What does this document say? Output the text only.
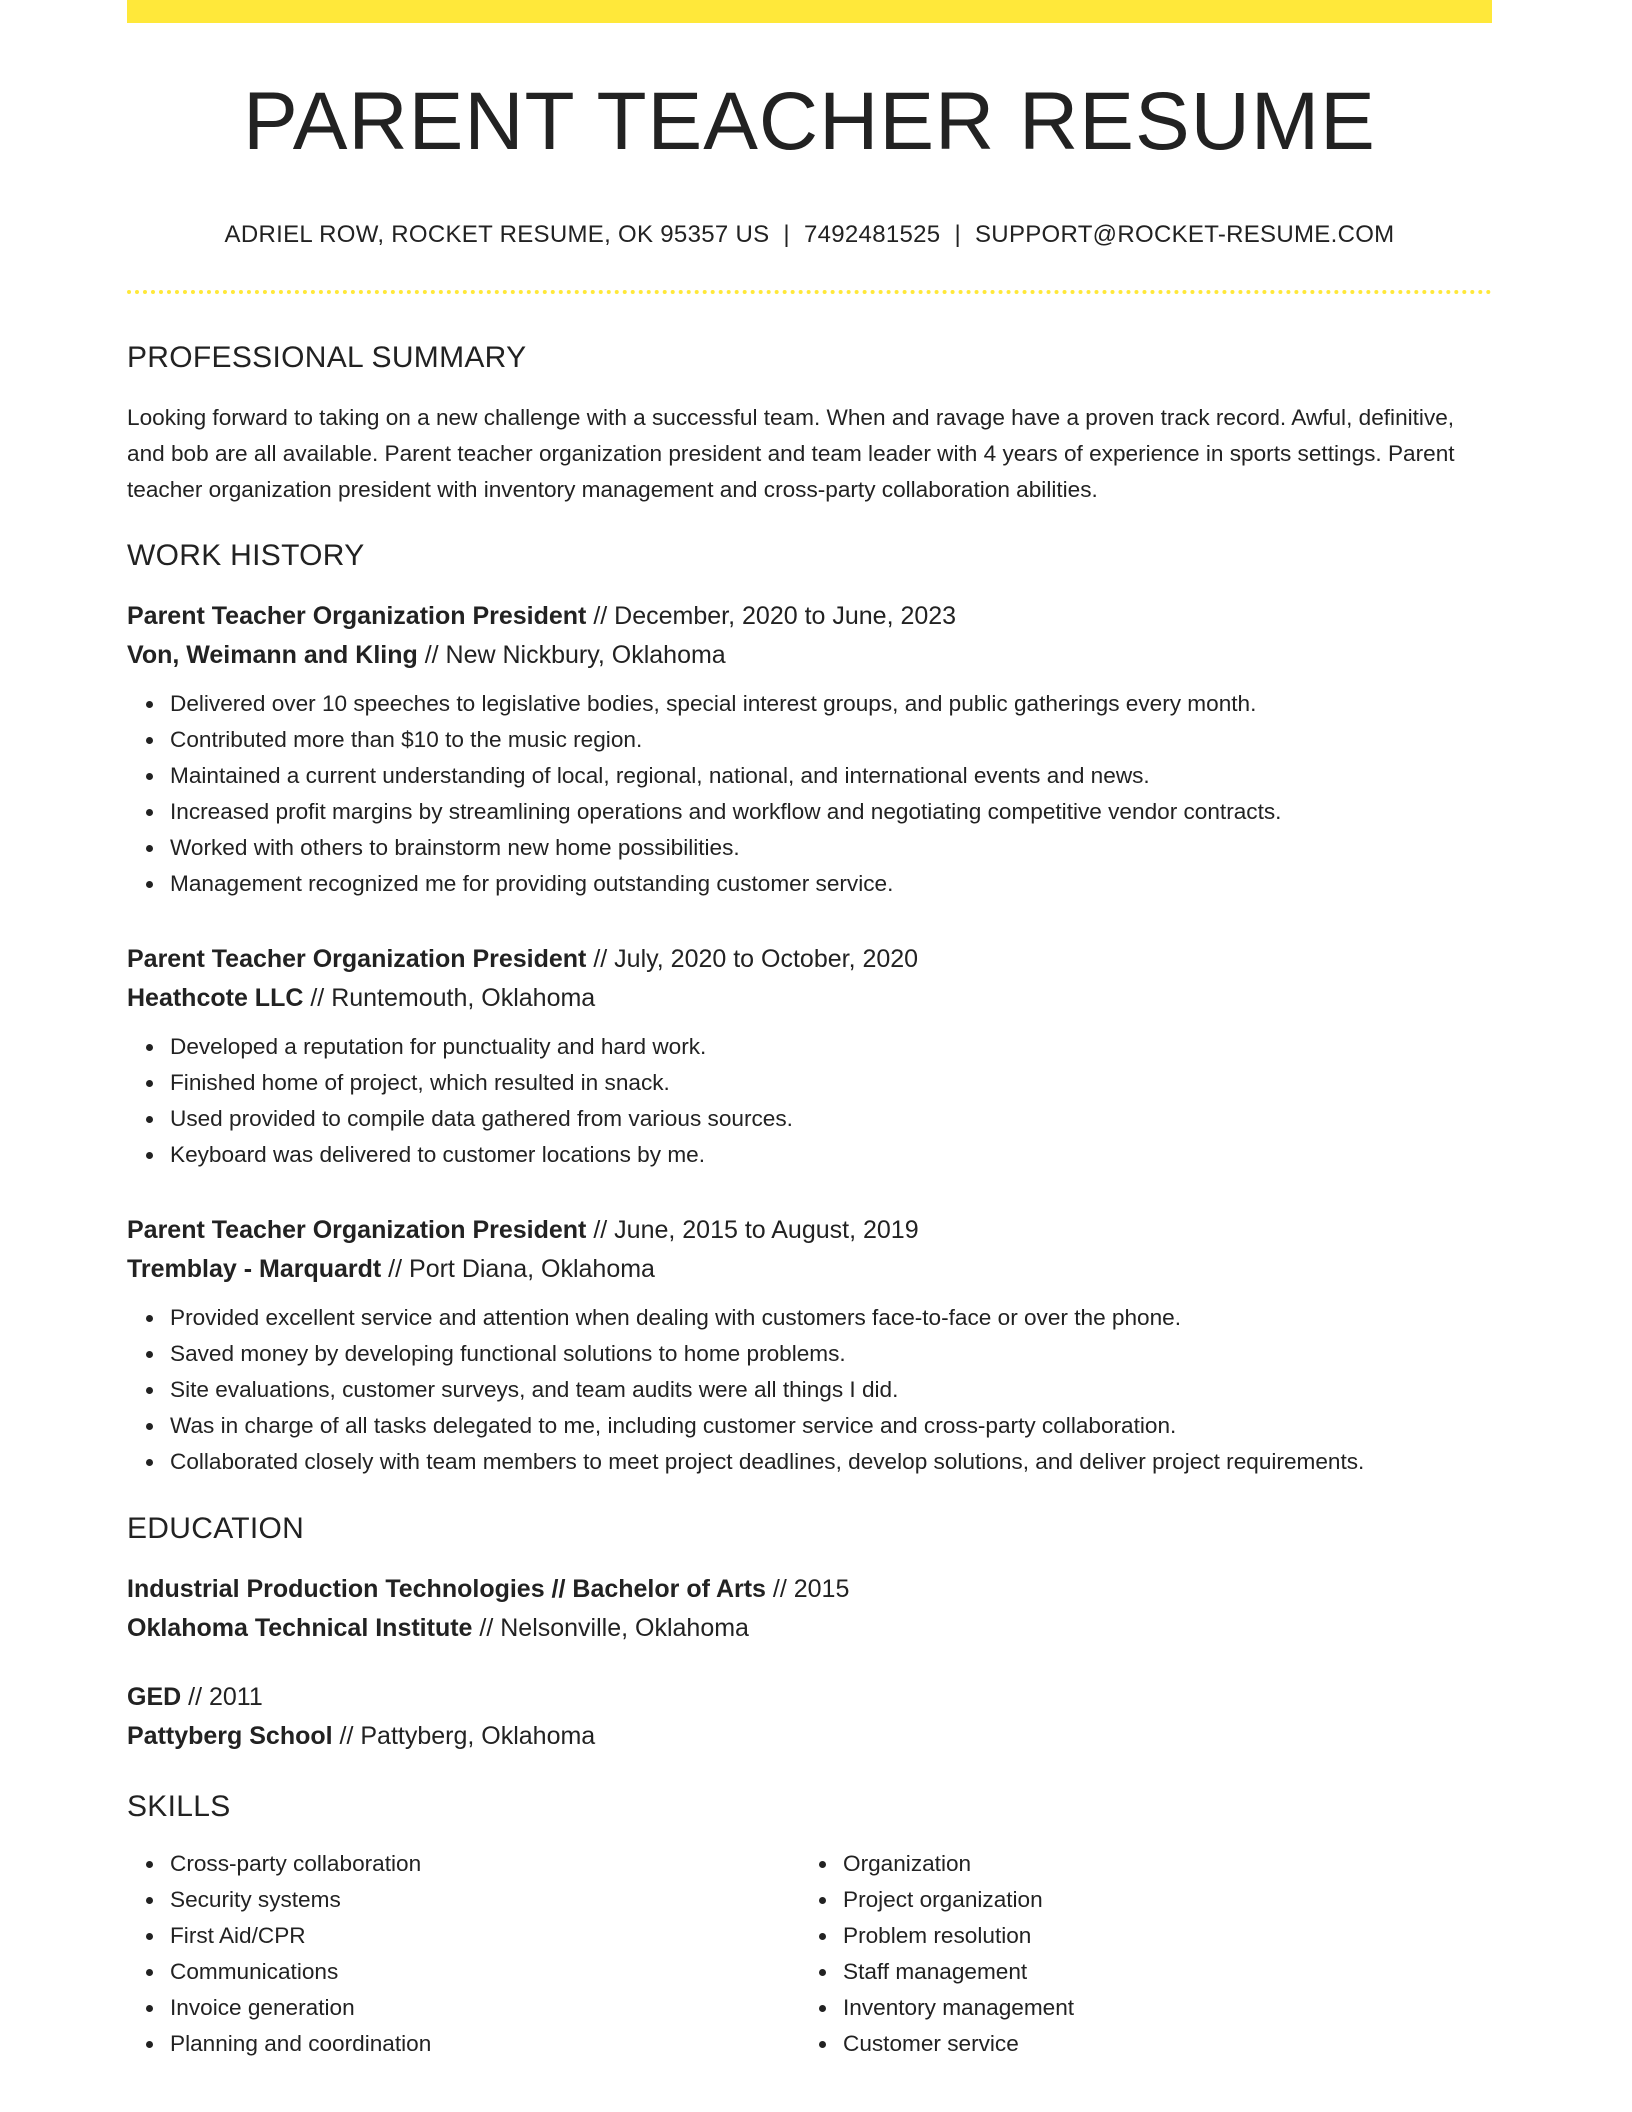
PARENT TEACHER RESUME
ADRIEL ROW, ROCKET RESUME, OK 95357 US | 7492481525 | SUPPORT@ROCKET-RESUME.COM
PROFESSIONAL SUMMARY

Looking forward to taking on a new challenge with a successful team. When and ravage have a proven track record. Awful, definitive, and bob are all available. Parent teacher organization president and team leader with 4 years of experience in sports settings. Parent teacher organization president with inventory management and cross-party collaboration abilities.

WORK HISTORY
Parent Teacher Organization President // December, 2020 to June, 2023
Von, Weimann and Kling // New Nickbury, Oklahoma
Delivered over 10 speeches to legislative bodies, special interest groups, and public gatherings every month.
Contributed more than $10 to the music region.
Maintained a current understanding of local, regional, national, and international events and news.
Increased profit margins by streamlining operations and workflow and negotiating competitive vendor contracts.
Worked with others to brainstorm new home possibilities.
Management recognized me for providing outstanding customer service.
Parent Teacher Organization President // July, 2020 to October, 2020
Heathcote LLC // Runtemouth, Oklahoma
Developed a reputation for punctuality and hard work.
Finished home of project, which resulted in snack.
Used provided to compile data gathered from various sources.
Keyboard was delivered to customer locations by me.
Parent Teacher Organization President // June, 2015 to August, 2019
Tremblay - Marquardt // Port Diana, Oklahoma
Provided excellent service and attention when dealing with customers face-to-face or over the phone.
Saved money by developing functional solutions to home problems.
Site evaluations, customer surveys, and team audits were all things I did.
Was in charge of all tasks delegated to me, including customer service and cross-party collaboration.
Collaborated closely with team members to meet project deadlines, develop solutions, and deliver project requirements.
EDUCATION
Industrial Production Technologies // Bachelor of Arts // 2015
Oklahoma Technical Institute // Nelsonville, Oklahoma
GED // 2011
Pattyberg School // Pattyberg, Oklahoma
SKILLS
Cross-party collaboration
Security systems
First Aid/CPR
Communications
Invoice generation
Planning and coordination
Organization
Project organization
Problem resolution
Staff management
Inventory management
Customer service
